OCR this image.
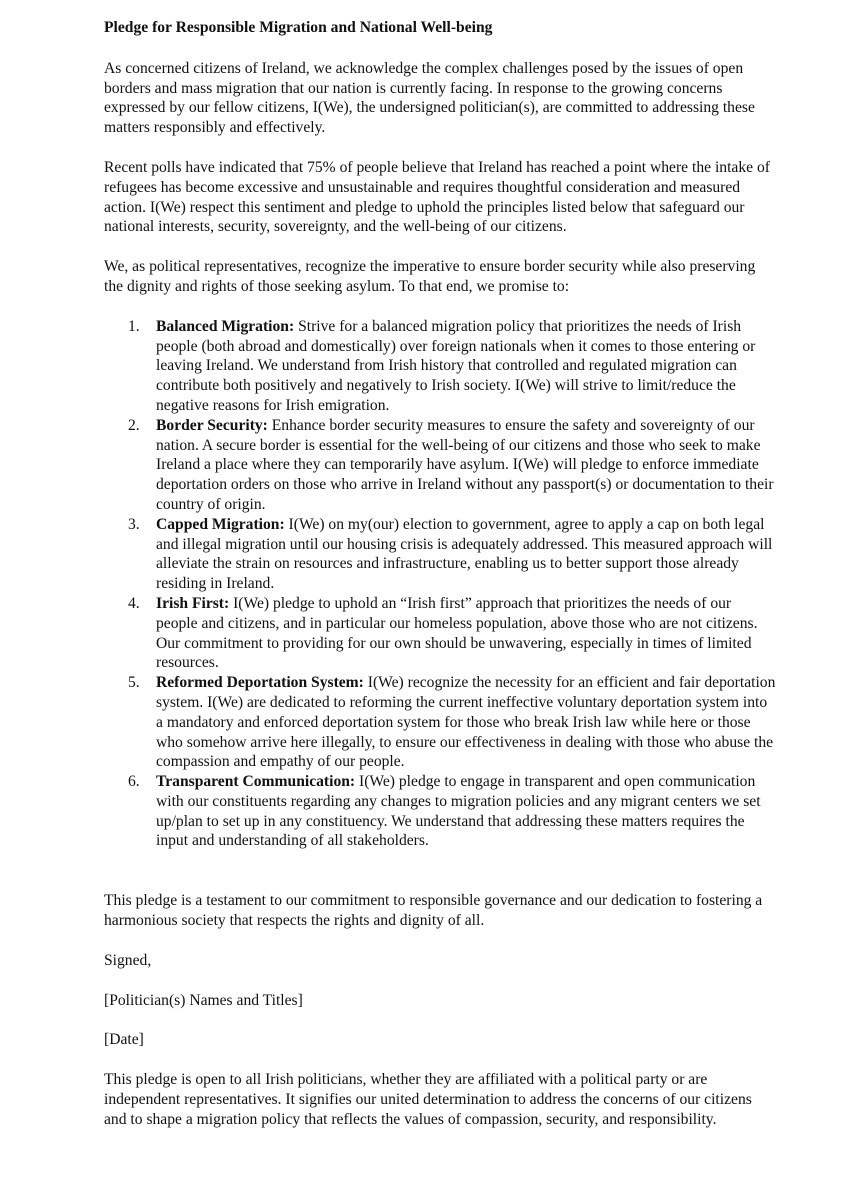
Pledge for Responsible Migration and National Well-being

As concerned citizens of Ireland, we acknowledge the complex challenges posed by the issues of open borders and mass migration that our nation is currently facing. In response to the growing concerns expressed by our fellow citizens, I(We), the undersigned politician(s), are committed to addressing these matters responsibly and effectively.

Recent polls have indicated that 75% of people believe that Ireland has reached a point where the intake of refugees has become excessive and unsustainable and requires thoughtful consideration and measured action. I(We) respect this sentiment and pledge to uphold the principles listed below that safeguard our national interests, security, sovereignty, and the well-being of our citizens.

We, as political representatives, recognize the imperative to ensure border security while also preserving the dignity and rights of those seeking asylum. To that end, we promise to:

1. Balanced Migration: Strive for a balanced migration policy that prioritizes the needs of Irish people (both abroad and domestically) over foreign nationals when it comes to those entering or leaving Ireland. We understand from Irish history that controlled and regulated migration can contribute both positively and negatively to Irish society. I(We) will strive to limit/reduce the negative reasons for Irish emigration.
2. Border Security: Enhance border security measures to ensure the safety and sovereignty of our nation. A secure border is essential for the well-being of our citizens and those who seek to make Ireland a place where they can temporarily have asylum. I(We) will pledge to enforce immediate deportation orders on those who arrive in Ireland without any passport(s) or documentation to their country of origin.
3. Capped Migration: I(We) on my(our) election to government, agree to apply a cap on both legal and illegal migration until our housing crisis is adequately addressed. This measured approach will alleviate the strain on resources and infrastructure, enabling us to better support those already residing in Ireland.
4. Irish First: I(We) pledge to uphold an “Irish first” approach that prioritizes the needs of our people and citizens, and in particular our homeless population, above those who are not citizens. Our commitment to providing for our own should be unwavering, especially in times of limited resources.
5. Reformed Deportation System: I(We) recognize the necessity for an efficient and fair deportation system. I(We) are dedicated to reforming the current ineffective voluntary deportation system into a mandatory and enforced deportation system for those who break Irish law while here or those who somehow arrive here illegally, to ensure our effectiveness in dealing with those who abuse the compassion and empathy of our people.
6. Transparent Communication: I(We) pledge to engage in transparent and open communication with our constituents regarding any changes to migration policies and any migrant centers we set up/plan to set up in any constituency. We understand that addressing these matters requires the input and understanding of all stakeholders.

This pledge is a testament to our commitment to responsible governance and our dedication to fostering a harmonious society that respects the rights and dignity of all.

Signed,

[Politician(s) Names and Titles]

[Date]

This pledge is open to all Irish politicians, whether they are affiliated with a political party or are independent representatives. It signifies our united determination to address the concerns of our citizens and to shape a migration policy that reflects the values of compassion, security, and responsibility.
